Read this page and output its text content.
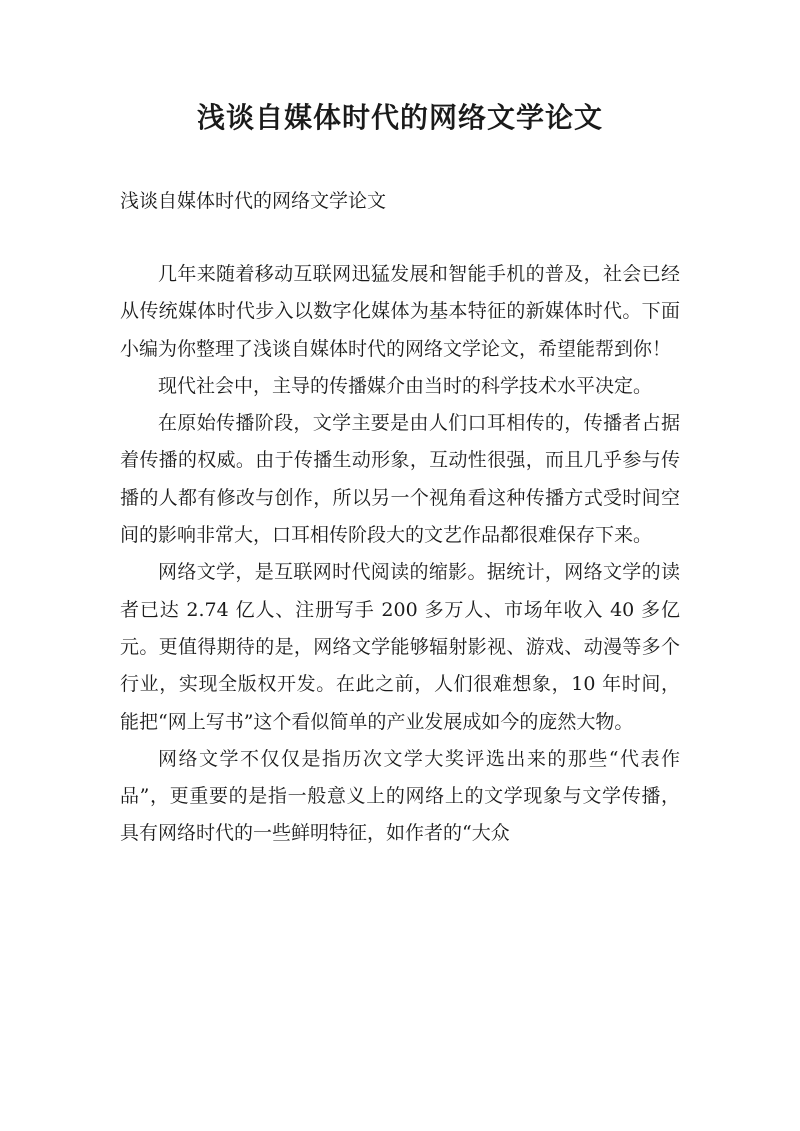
浅谈自媒体时代的网络文学论文

浅谈自媒体时代的网络文学论文

几年来随着移动互联网迅猛发展和智能手机的普及，社会已经从传统媒体时代步入以数字化媒体为基本特征的新媒体时代。下面小编为你整理了浅谈自媒体时代的网络文学论文，希望能帮到你！

现代社会中，主导的传播媒介由当时的科学技术水平决定。

在原始传播阶段，文学主要是由人们口耳相传的，传播者占据着传播的权威。由于传播生动形象，互动性很强，而且几乎参与传播的人都有修改与创作，所以另一个视角看这种传播方式受时间空间的影响非常大，口耳相传阶段大的文艺作品都很难保存下来。

网络文学，是互联网时代阅读的缩影。据统计，网络文学的读者已达 2.74 亿人、注册写手 200 多万人、市场年收入 40 多亿元。更值得期待的是，网络文学能够辐射影视、游戏、动漫等多个行业，实现全版权开发。在此之前，人们很难想象，10 年时间，能把“网上写书”这个看似简单的产业发展成如今的庞然大物。

网络文学不仅仅是指历次文学大奖评选出来的那些“代表作品”，更重要的是指一般意义上的网络上的文学现象与文学传播，具有网络时代的一些鲜明特征，如作者的“大众
